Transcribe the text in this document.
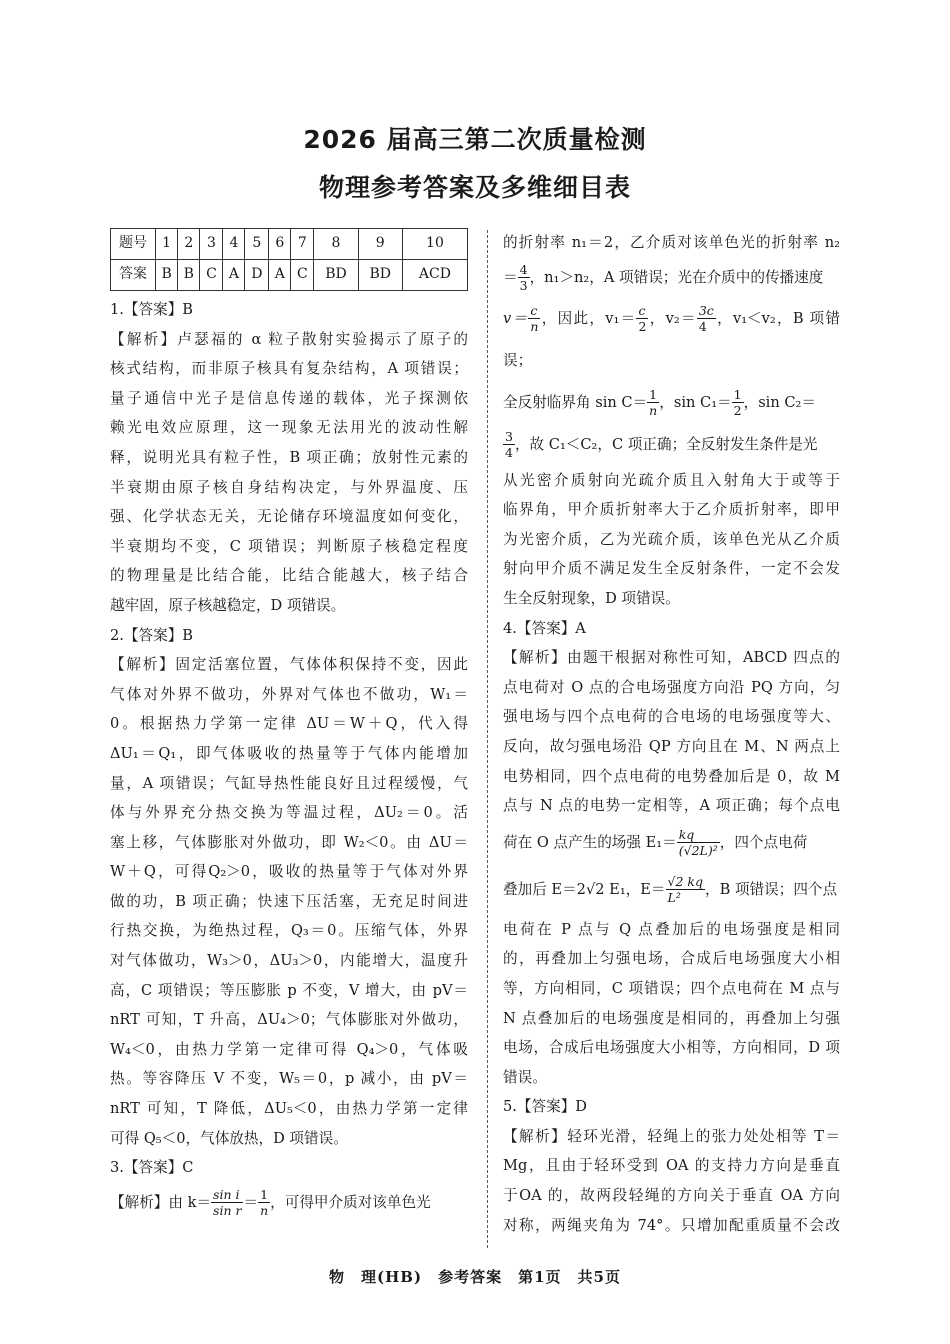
2026 届高三第二次质量检测
物理参考答案及多维细目表
题号	1	2	3	4	5	6	7	8	9	10
答案	B	B	C	A	D	A	C	BD	BD	ACD

1.【答案】B

【解析】卢瑟福的 α 粒子散射实验揭示了原子的

核式结构，而非原子核具有复杂结构，A 项错误；

量子通信中光子是信息传递的载体，光子探测依

赖光电效应原理，这一现象无法用光的波动性解

释，说明光具有粒子性，B 项正确；放射性元素的

半衰期由原子核自身结构决定，与外界温度、压

强、化学状态无关，无论储存环境温度如何变化，

半衰期均不变，C 项错误；判断原子核稳定程度

的物理量是比结合能，比结合能越大，核子结合

越牢固，原子核越稳定，D 项错误。

2.【答案】B

【解析】固定活塞位置，气体体积保持不变，因此

气体对外界不做功，外界对气体也不做功，W₁＝

0。根据热力学第一定律 ΔU＝W＋Q，代入得

ΔU₁＝Q₁，即气体吸收的热量等于气体内能增加

量，A 项错误；气缸导热性能良好且过程缓慢，气

体与外界充分热交换为等温过程，ΔU₂＝0。活

塞上移，气体膨胀对外做功，即 W₂＜0。由 ΔU＝

W＋Q，可得Q₂＞0，吸收的热量等于气体对外界

做的功，B 项正确；快速下压活塞，无充足时间进

行热交换，为绝热过程，Q₃＝0。压缩气体，外界

对气体做功，W₃＞0，ΔU₃＞0，内能增大，温度升

高，C 项错误；等压膨胀 p 不变，V 增大，由 pV＝

nRT 可知，T 升高，ΔU₄＞0；气体膨胀对外做功，

W₄＜0，由热力学第一定律可得 Q₄＞0，气体吸

热。等容降压 V 不变，W₅＝0，p 减小，由 pV＝

nRT 可知，T 降低，ΔU₅＜0，由热力学第一定律

可得 Q₅＜0，气体放热，D 项错误。

3.【答案】C

【解析】由 $k= \frac{\text{sin i}}{\text{sin r}} = \frac{1}{n}$ ，可得甲介质对该单色光

的折射率 n₁＝2，乙介质对该单色光的折射率 n₂

＝ $\frac{4}{3}$ ，n₁＞n₂，A 项错误；光在介质中的传播速度

$v= \frac{c}{n}$ ，因此，$v_1= \frac{c}{2}$ ，$v_2= \frac{3c}{4}$ ，v₁＜v₂，B 项错误；

全反射临界角 $\sin C= \frac{1}{n}$ ，$\sin C_1= \frac{1}{2}$ ，sin C₂＝

$\frac{3}{4}$ ，故 C₁＜C₂，C 项正确；全反射发生条件是光

从光密介质射向光疏介质且入射角大于或等于

临界角，甲介质折射率大于乙介质折射率，即甲

为光密介质，乙为光疏介质，该单色光从乙介质

射向甲介质不满足发生全反射条件，一定不会发

生全反射现象，D 项错误。

4.【答案】A

【解析】由题干根据对称性可知，ABCD 四点的

点电荷对 O 点的合电场强度方向沿 PQ 方向，匀

强电场与四个点电荷的合电场的电场强度等大、

反向，故匀强电场沿 QP 方向且在 M、N 两点上

电势相同，四个点电荷的电势叠加后是 0，故 M

点与 N 点的电势一定相等，A 项正确；每个点电

荷在 O 点产生的场强 $E_1= \frac{kq}{\text{(√2L)²}}$ ，四个点电荷

叠加后 E＝2√2 E₁，$E= \frac{√2 kq}{\text{L²}}$ ，B 项错误；四个点

电荷在 P 点与 Q 点叠加后的电场强度是相同

的，再叠加上匀强电场，合成后电场强度大小相

等，方向相同，C 项错误；四个点电荷在 M 点与

N 点叠加后的电场强度是相同的，再叠加上匀强

电场，合成后电场强度大小相等，方向相同，D 项

错误。

5.【答案】D

【解析】轻环光滑，轻绳上的张力处处相等 T＝

Mg，且由于轻环受到 OA 的支持力方向是垂直

于OA 的，故两段轻绳的方向关于垂直 OA 方向

对称，两绳夹角为 74°。只增加配重质量不会改

物　理(HB)　参考答案　第1页　共5页
